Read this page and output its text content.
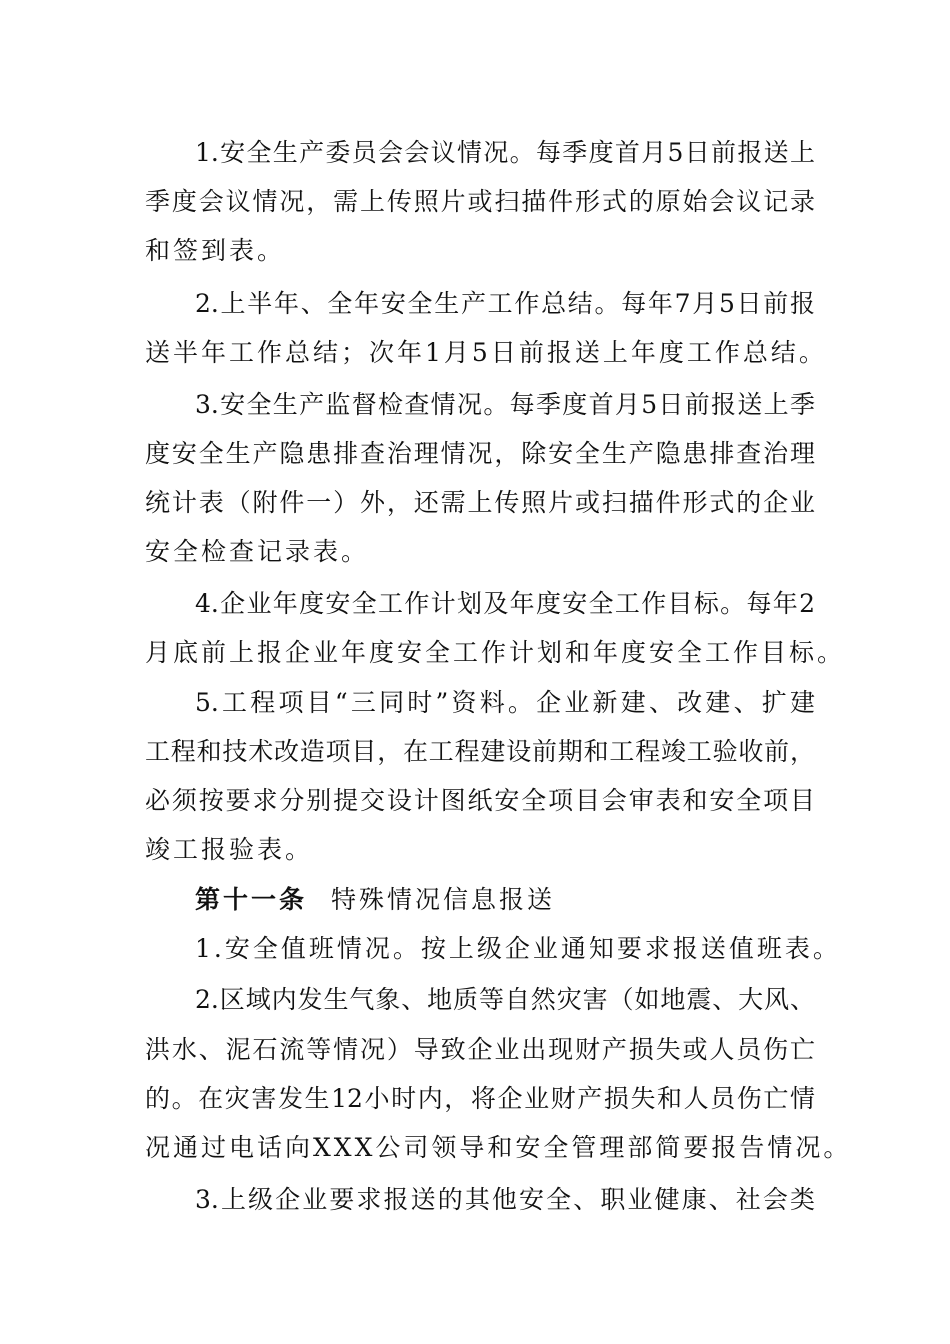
1.安全生产委员会会议情况。每季度首月5日前报送上
季度会议情况，需上传照片或扫描件形式的原始会议记录
和签到表。
2.上半年、全年安全生产工作总结。每年7月5日前报
送半年工作总结；次年1月5日前报送上年度工作总结。
3.安全生产监督检查情况。每季度首月5日前报送上季
度安全生产隐患排查治理情况，除安全生产隐患排查治理
统计表（附件一）外，还需上传照片或扫描件形式的企业
安全检查记录表。
4.企业年度安全工作计划及年度安全工作目标。每年2
月底前上报企业年度安全工作计划和年度安全工作目标。
5.工程项目“三同时”资料。企业新建、改建、扩建
工程和技术改造项目，在工程建设前期和工程竣工验收前，
必须按要求分别提交设计图纸安全项目会审表和安全项目
竣工报验表。
第十一条 特殊情况信息报送
1.安全值班情况。按上级企业通知要求报送值班表。
2.区域内发生气象、地质等自然灾害（如地震、大风、
洪水、泥石流等情况）导致企业出现财产损失或人员伤亡
的。在灾害发生12小时内，将企业财产损失和人员伤亡情
况通过电话向XXX公司领导和安全管理部简要报告情况。
3.上级企业要求报送的其他安全、职业健康、社会类
